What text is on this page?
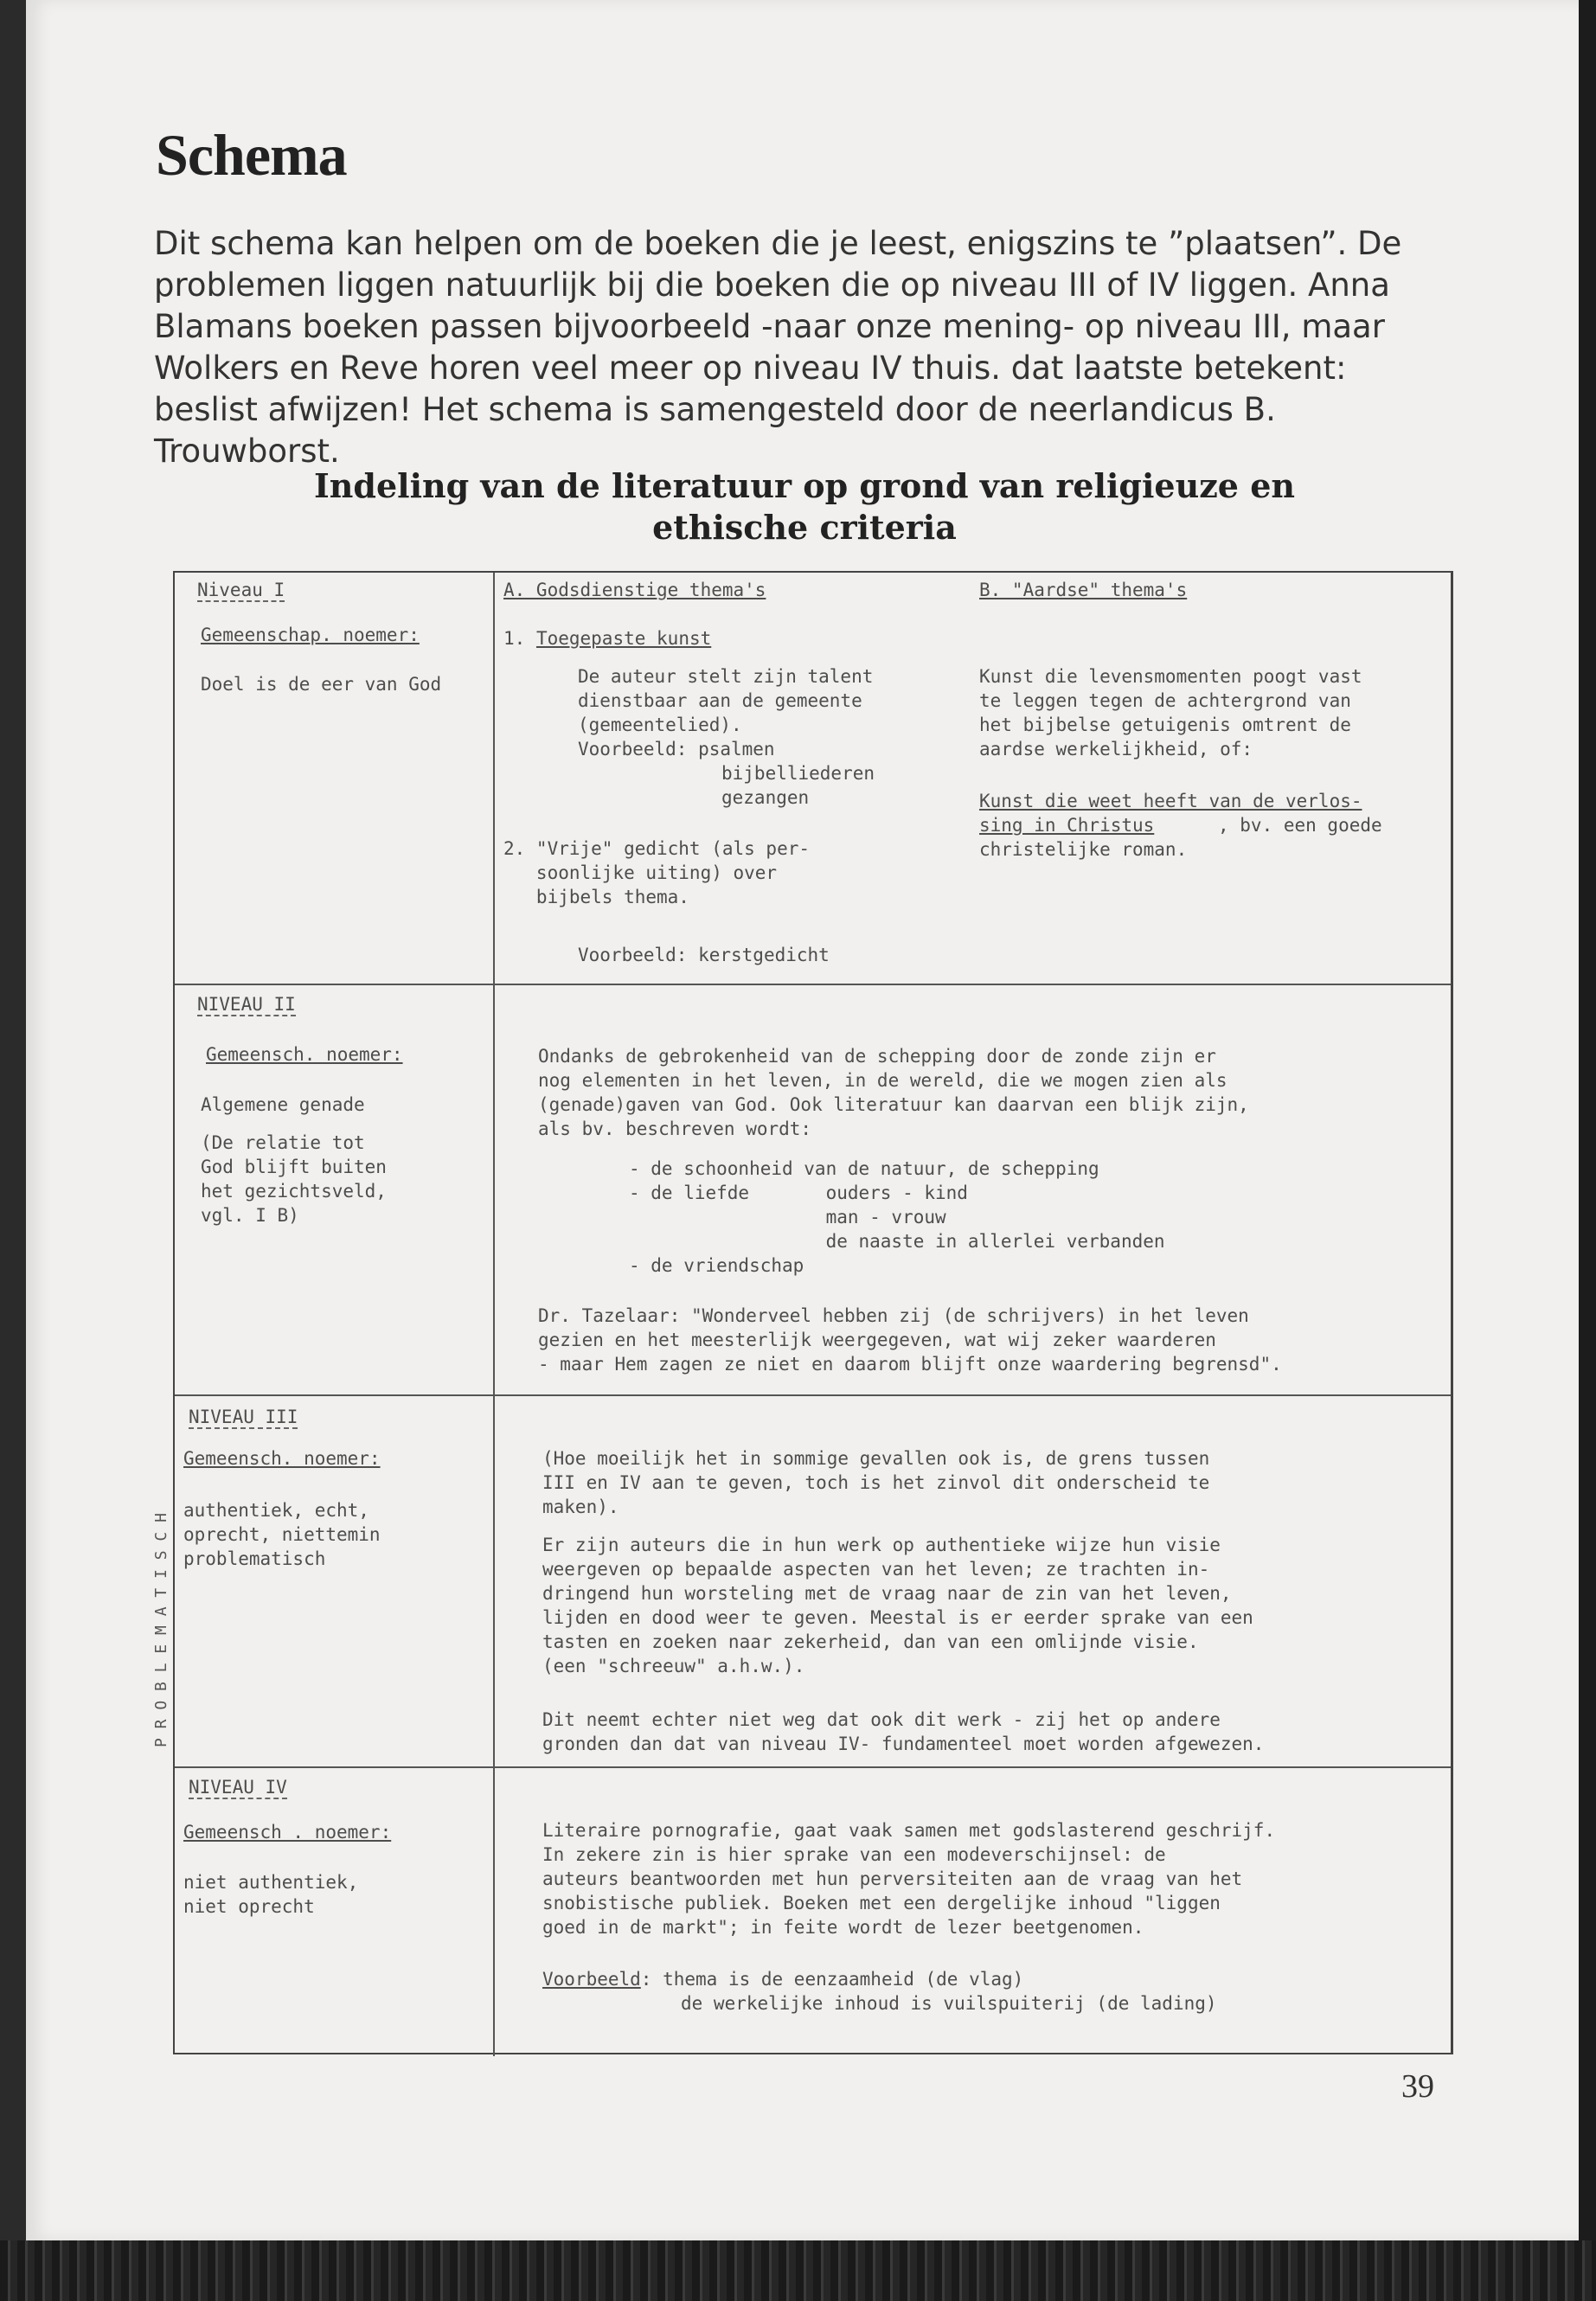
Schema

Dit schema kan helpen om de boeken die je leest, enigszins te ”plaatsen”. De problemen liggen natuurlijk bij die boeken die op niveau III of IV liggen. Anna Blamans boeken passen bijvoorbeeld -naar onze mening- op niveau III, maar Wolkers en Reve horen veel meer op niveau IV thuis. dat laatste betekent: beslist afwijzen! Het schema is samengesteld door de neerlandicus B. Trouwborst.

Indeling van de literatuur op grond van religieuze en ethische criteria

Niveau I

Gemeenschap. noemer:

Doel is de eer van God

A. Godsdienstige thema's	B. "Aardse" thema's

1. Toegepaste kunst

De auteur stelt zijn talent
dienstbaar aan de gemeente
(gemeentelied).
Voorbeeld: psalmen

bijbelliederen
gezangen

2. "Vrije" gedicht (als per-
soonlijke uiting) over
bijbels thema.

Voorbeeld: kerstgedicht

Kunst die levensmomenten poogt vast
te leggen tegen de achtergrond van
het bijbelse getuigenis omtrent de
aardse werkelijkheid, of:

Kunst die weet heeft van de verlos-
sing in Christus	, bv. een goede

christelijke roman.

NIVEAU II

Gemeensch. noemer:

Algemene genade

(De relatie tot
God blijft buiten
het gezichtsveld,
vgl. I B)

Ondanks de gebrokenheid van de schepping door de zonde zijn er
nog elementen in het leven, in de wereld, die we mogen zien als
(genade)gaven van God. Ook literatuur kan daarvan een blijk zijn,
als bv. beschreven wordt:

- de schoonheid van de natuur, de schepping
- de liefde       ouders - kind
man - vrouw
de naaste in allerlei verbanden
- de vriendschap

Dr. Tazelaar: "Wonderveel hebben zij (de schrijvers) in het leven
gezien en het meesterlijk weergegeven, wat wij zeker waarderen
- maar Hem zagen ze niet en daarom blijft onze waardering begrensd".

NIVEAU III

Gemeensch. noemer:

authentiek, echt,
oprecht, niettemin
problematisch

(Hoe moeilijk het in sommige gevallen ook is, de grens tussen
III en IV aan te geven, toch is het zinvol dit onderscheid te
maken).

Er zijn auteurs die in hun werk op authentieke wijze hun visie
weergeven op bepaalde aspecten van het leven; ze trachten in-
dringend hun worsteling met de vraag naar de zin van het leven,
lijden en dood weer te geven. Meestal is er eerder sprake van een
tasten en zoeken naar zekerheid, dan van een omlijnde visie.
(een "schreeuw" a.h.w.).

Dit neemt echter niet weg dat ook dit werk - zij het op andere
gronden dan dat van niveau IV- fundamenteel moet worden afgewezen.

NIVEAU IV

Gemeensch . noemer:

niet authentiek,
niet oprecht

Literaire pornografie, gaat vaak samen met godslasterend geschrijf.
In zekere zin is hier sprake van een modeverschijnsel: de
auteurs beantwoorden met hun perversiteiten aan de vraag van het
snobistische publiek. Boeken met een dergelijke inhoud "liggen
goed in de markt"; in feite wordt de lezer beetgenomen.

Voorbeeld: thema is de eenzaamheid (de vlag)

de werkelijke inhoud is vuilspuiterij (de lading)

P R O B L E M A T I S C H

39
